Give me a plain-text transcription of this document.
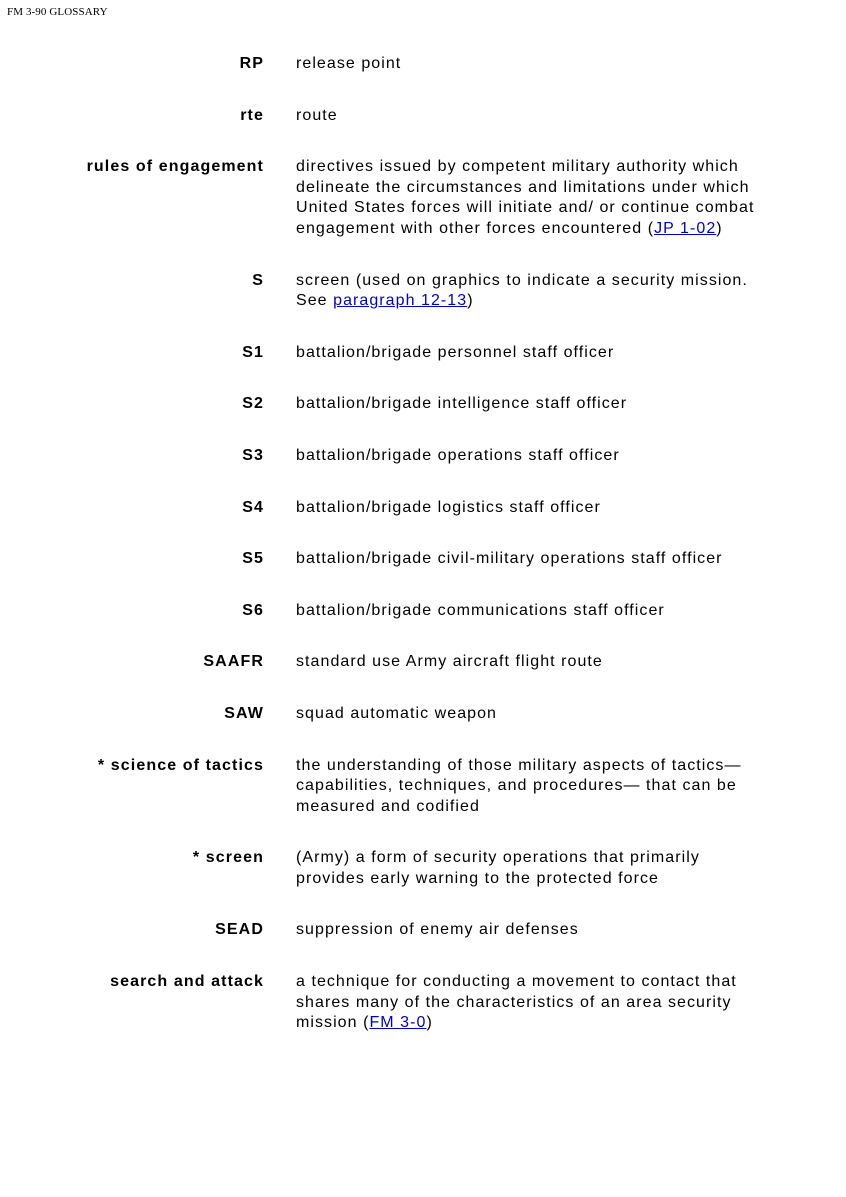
FM 3-90 GLOSSARY
RP release point
rte route
rules of engagement directives issued by competent military authority which delineate the circumstances and limitations under which United States forces will initiate and/ or continue combat engagement with other forces encountered (JP 1-02)
S screen (used on graphics to indicate a security mission. See paragraph 12-13)
S1 battalion/brigade personnel staff officer
S2 battalion/brigade intelligence staff officer
S3 battalion/brigade operations staff officer
S4 battalion/brigade logistics staff officer
S5 battalion/brigade civil-military operations staff officer
S6 battalion/brigade communications staff officer
SAAFR standard use Army aircraft flight route
SAW squad automatic weapon
* science of tactics the understanding of those military aspects of tactics—capabilities, techniques, and procedures— that can be measured and codified
* screen (Army) a form of security operations that primarily provides early warning to the protected force
SEAD suppression of enemy air defenses
search and attack a technique for conducting a movement to contact that shares many of the characteristics of an area security mission (FM 3-0)
